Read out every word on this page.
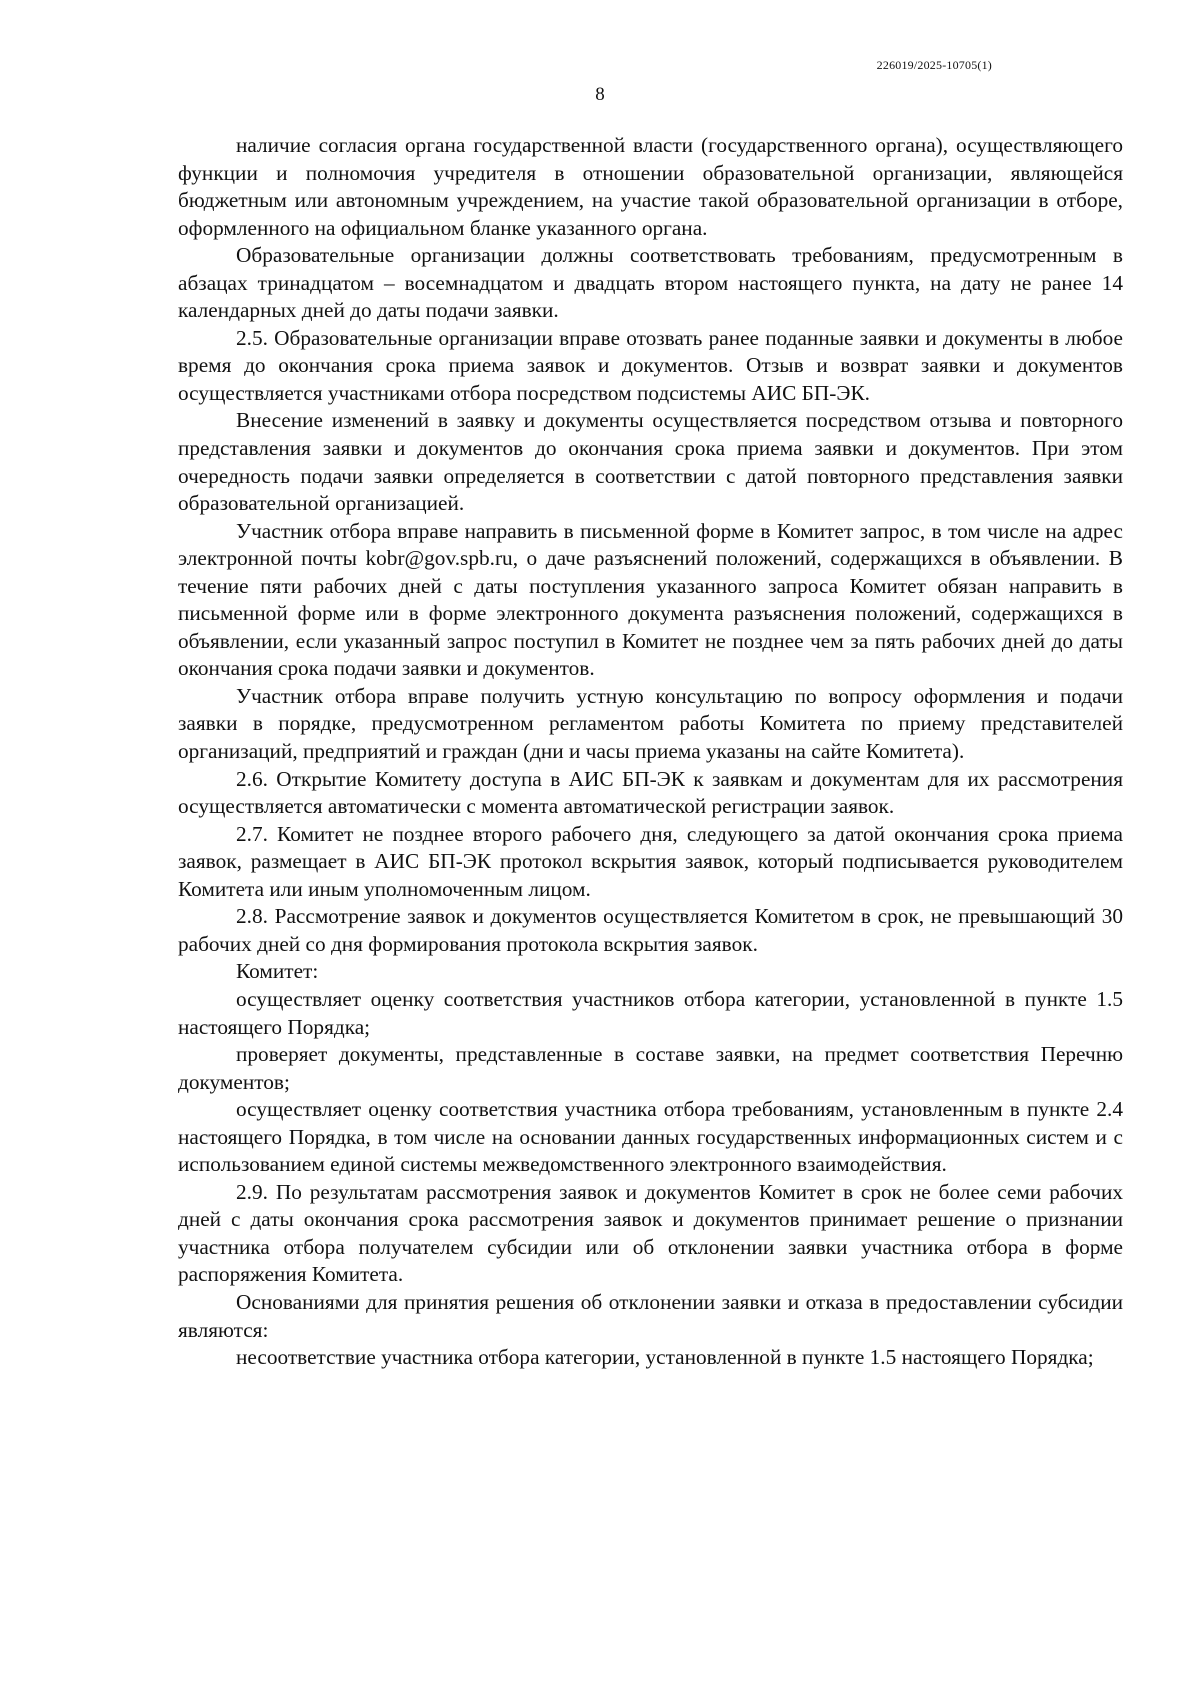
226019/2025-10705(1)
8

наличие согласия органа государственной власти (государственного органа), осуществляющего функции и полномочия учредителя в отношении образовательной организации, являющейся бюджетным или автономным учреждением, на участие такой образовательной организации в отборе, оформленного на официальном бланке указанного органа.

Образовательные организации должны соответствовать требованиям, предусмотренным в абзацах тринадцатом – восемнадцатом и двадцать втором настоящего пункта, на дату не ранее 14 календарных дней до даты подачи заявки.

2.5. Образовательные организации вправе отозвать ранее поданные заявки и документы в любое время до окончания срока приема заявок и документов. Отзыв и возврат заявки и документов осуществляется участниками отбора посредством подсистемы АИС БП-ЭК.

Внесение изменений в заявку и документы осуществляется посредством отзыва и повторного представления заявки и документов до окончания срока приема заявки и документов. При этом очередность подачи заявки определяется в соответствии с датой повторного представления заявки образовательной организацией.

Участник отбора вправе направить в письменной форме в Комитет запрос, в том числе на адрес электронной почты kobr@gov.spb.ru, о даче разъяснений положений, содержащихся в объявлении. В течение пяти рабочих дней с даты поступления указанного запроса Комитет обязан направить в письменной форме или в форме электронного документа разъяснения положений, содержащихся в объявлении, если указанный запрос поступил в Комитет не позднее чем за пять рабочих дней до даты окончания срока подачи заявки и документов.

Участник отбора вправе получить устную консультацию по вопросу оформления и подачи заявки в порядке, предусмотренном регламентом работы Комитета по приему представителей организаций, предприятий и граждан (дни и часы приема указаны на сайте Комитета).

2.6. Открытие Комитету доступа в АИС БП-ЭК к заявкам и документам для их рассмотрения осуществляется автоматически с момента автоматической регистрации заявок.

2.7. Комитет не позднее второго рабочего дня, следующего за датой окончания срока приема заявок, размещает в АИС БП-ЭК протокол вскрытия заявок, который подписывается руководителем Комитета или иным уполномоченным лицом.

2.8. Рассмотрение заявок и документов осуществляется Комитетом в срок, не превышающий 30 рабочих дней со дня формирования протокола вскрытия заявок.

Комитет:

осуществляет оценку соответствия участников отбора категории, установленной в пункте 1.5 настоящего Порядка;

проверяет документы, представленные в составе заявки, на предмет соответствия Перечню документов;

осуществляет оценку соответствия участника отбора требованиям, установленным в пункте 2.4 настоящего Порядка, в том числе на основании данных государственных информационных систем и с использованием единой системы межведомственного электронного взаимодействия.

2.9. По результатам рассмотрения заявок и документов Комитет в срок не более семи рабочих дней с даты окончания срока рассмотрения заявок и документов принимает решение о признании участника отбора получателем субсидии или об отклонении заявки участника отбора в форме распоряжения Комитета.

Основаниями для принятия решения об отклонении заявки и отказа в предоставлении субсидии являются:

несоответствие участника отбора категории, установленной в пункте 1.5 настоящего Порядка;
